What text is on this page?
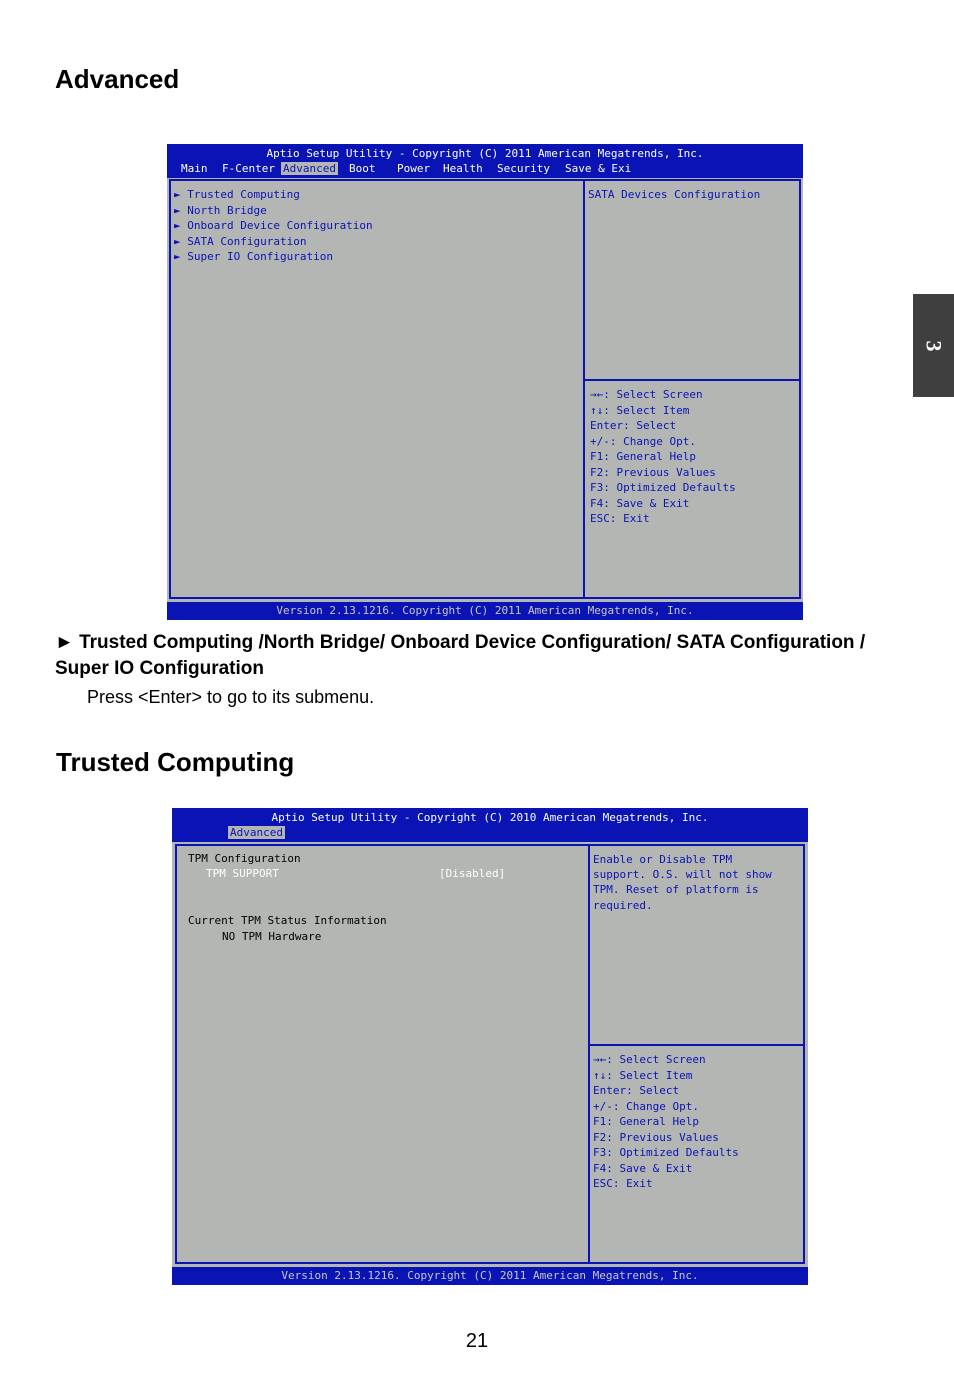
3
Advanced
Aptio Setup Utility - Copyright (C) 2011 American Megatrends, Inc.

Main

F-Center

Advanced

Boot

Power

Health

Security

Save & Exi

► Trusted Computing
► North Bridge
► Onboard Device Configuration
► SATA Configuration
► Super IO Configuration
SATA Devices Configuration
→←: Select Screen
↑↓: Select Item
Enter: Select
+/-: Change Opt.
F1: General Help
F2: Previous Values
F3: Optimized Defaults
F4: Save & Exit
ESC: Exit
Version 2.13.1216. Copyright (C) 2011 American Megatrends, Inc.

► Trusted Computing /North Bridge/ Onboard Device Configuration/ SATA Configuration / Super IO Configuration

Press <Enter> to go to its submenu.
Trusted Computing
Aptio Setup Utility - Copyright (C) 2010 American Megatrends, Inc.

Advanced

TPM Configuration
TPM SUPPORT	[Disabled]
Current TPM Status Information
NO TPM Hardware
Enable or Disable TPM
support. O.S. will not show
TPM. Reset of platform is
required.
→←: Select Screen
↑↓: Select Item
Enter: Select
+/-: Change Opt.
F1: General Help
F2: Previous Values
F3: Optimized Defaults
F4: Save & Exit
ESC: Exit
Version 2.13.1216. Copyright (C) 2011 American Megatrends, Inc.
21
